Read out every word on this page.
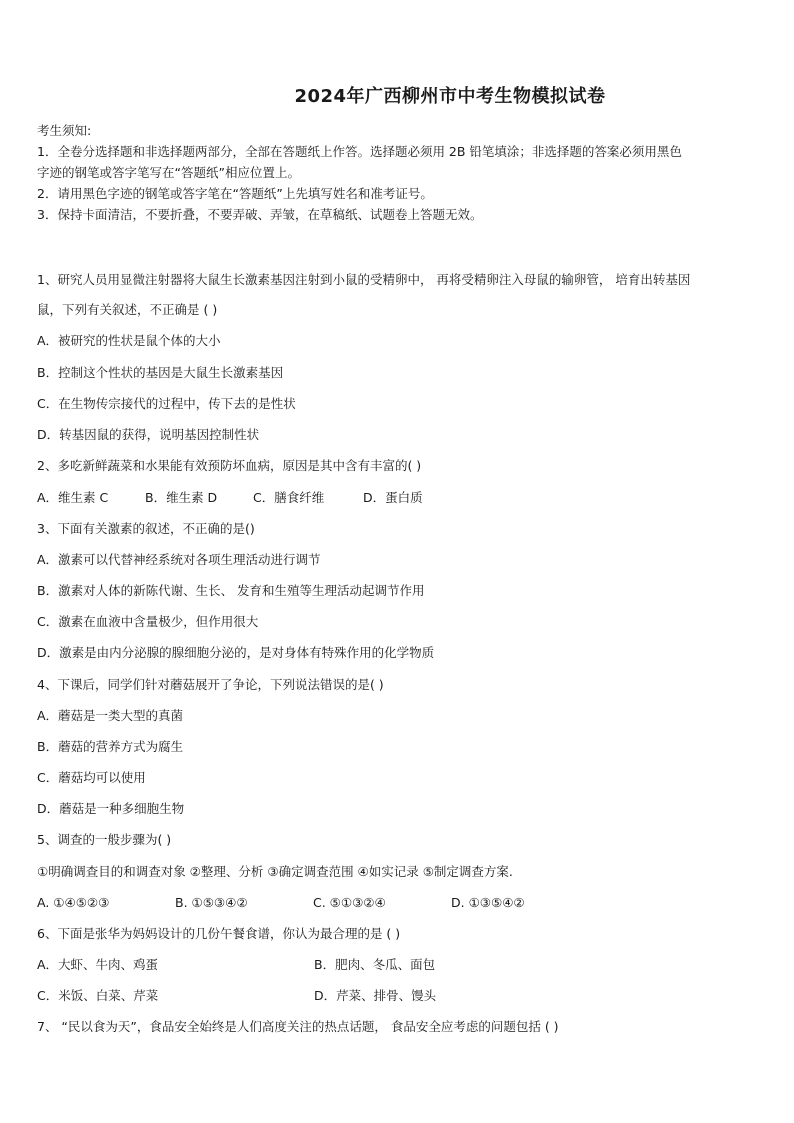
2024年广西柳州市中考生物模拟试卷
考生须知:
1．全卷分选择题和非选择题两部分，全部在答题纸上作答。选择题必须用 2B 铅笔填涂；非选择题的答案必须用黑色
字迹的钢笔或答字笔写在“答题纸”相应位置上。
2．请用黑色字迹的钢笔或答字笔在“答题纸”上先填写姓名和准考证号。
3．保持卡面清洁，不要折叠，不要弄破、弄皱，在草稿纸、试题卷上答题无效。
1、研究人员用显微注射器将大鼠生长激素基因注射到小鼠的受精卵中， 再将受精卵注入母鼠的输卵管， 培育出转基因
鼠，下列有关叙述，不正确是 ( )
A．被研究的性状是鼠个体的大小
B．控制这个性状的基因是大鼠生长激素基因
C．在生物传宗接代的过程中，传下去的是性状
D．转基因鼠的获得，说明基因控制性状
2、多吃新鲜蔬菜和水果能有效预防坏血病，原因是其中含有丰富的( )
A．维生素 C	B．维生素 D	C．膳食纤维	D．蛋白质
3、下面有关激素的叙述，不正确的是()
A．激素可以代替神经系统对各项生理活动进行调节
B．激素对人体的新陈代谢、生长、 发育和生殖等生理活动起调节作用
C．激素在血液中含量极少，但作用很大
D．激素是由内分泌腺的腺细胞分泌的，是对身体有特殊作用的化学物质
4、下课后，同学们针对蘑菇展开了争论，下列说法错误的是( )
A．蘑菇是一类大型的真菌
B．蘑菇的营养方式为腐生
C．蘑菇均可以使用
D．蘑菇是一种多细胞生物
5、调查的一般步骤为( )
①明确调查目的和调查对象 ②整理、分析 ③确定调查范围 ④如实记录 ⑤制定调查方案.
A. ①④⑤②③	B. ①⑤③④②	C. ⑤①③②④	D. ①③⑤④②
6、下面是张华为妈妈设计的几份午餐食谱，你认为最合理的是 ( )
A．大虾、牛肉、鸡蛋	B．肥肉、冬瓜、面包
C．米饭、白菜、芹菜	D．芹菜、排骨、馒头
7、 “民以食为天”，食品安全始终是人们高度关注的热点话题， 食品安全应考虑的问题包括 ( )
